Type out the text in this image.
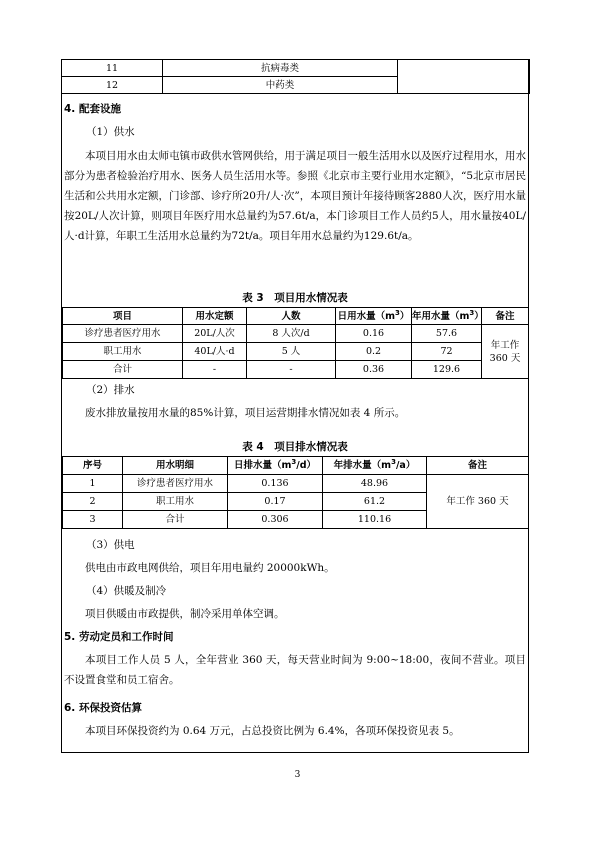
11	抗病毒类	
12	中药类	
4. 配套设施
（1）供水

本项目用水由太师屯镇市政供水管网供给，用于满足项目一般生活用水以及医疗过程用水，用水部分为患者检验治疗用水、医务人员生活用水等。参照《北京市主要行业用水定额》，“5北京市居民生活和公共用水定额，门诊部、诊疗所20升/人·次”，本项目预计年接待顾客2880人次，医疗用水量按20L/人次计算，则项目年医疗用水总量约为57.6t/a，本门诊项目工作人员约5人，用水量按40L/人·d计算，年职工生活用水总量约为72t/a。项目年用水总量约为129.6t/a。

表 3　项目用水情况表
项目	用水定额	人数	日用水量$(m^3)$	年用水量$(m^3)$	备注
诊疗患者医疗用水	20L/人次	8 人次/d	0.16	57.6	年工作
360 天

职工用水	40L/人·d	5 人	0.2	72	
合计	-	-	0.36	129.6	
（2）排水

废水排放量按用水量的85%计算，项目运营期排水情况如表 4 所示。

表 4　项目排水情况表
序号	用水明细	日排水量$(m^3/d)$	年排水量$(m^3/a)$	备注
1	诊疗患者医疗用水	0.136	48.96	年工作 360 天
2	职工用水	0.17	61.2	
3	合计	0.306	110.16	
（3）供电

供电由市政电网供给，项目年用电量约 20000kWh。

（4）供暖及制冷

项目供暖由市政提供，制冷采用单体空调。

5. 劳动定员和工作时间

本项目工作人员 5 人，全年营业 360 天，每天营业时间为 9:00~18:00，夜间不营业。项目不设置食堂和员工宿舍。

6. 环保投资估算

本项目环保投资约为 0.64 万元，占总投资比例为 6.4%，各项环保投资见表 5。

3
